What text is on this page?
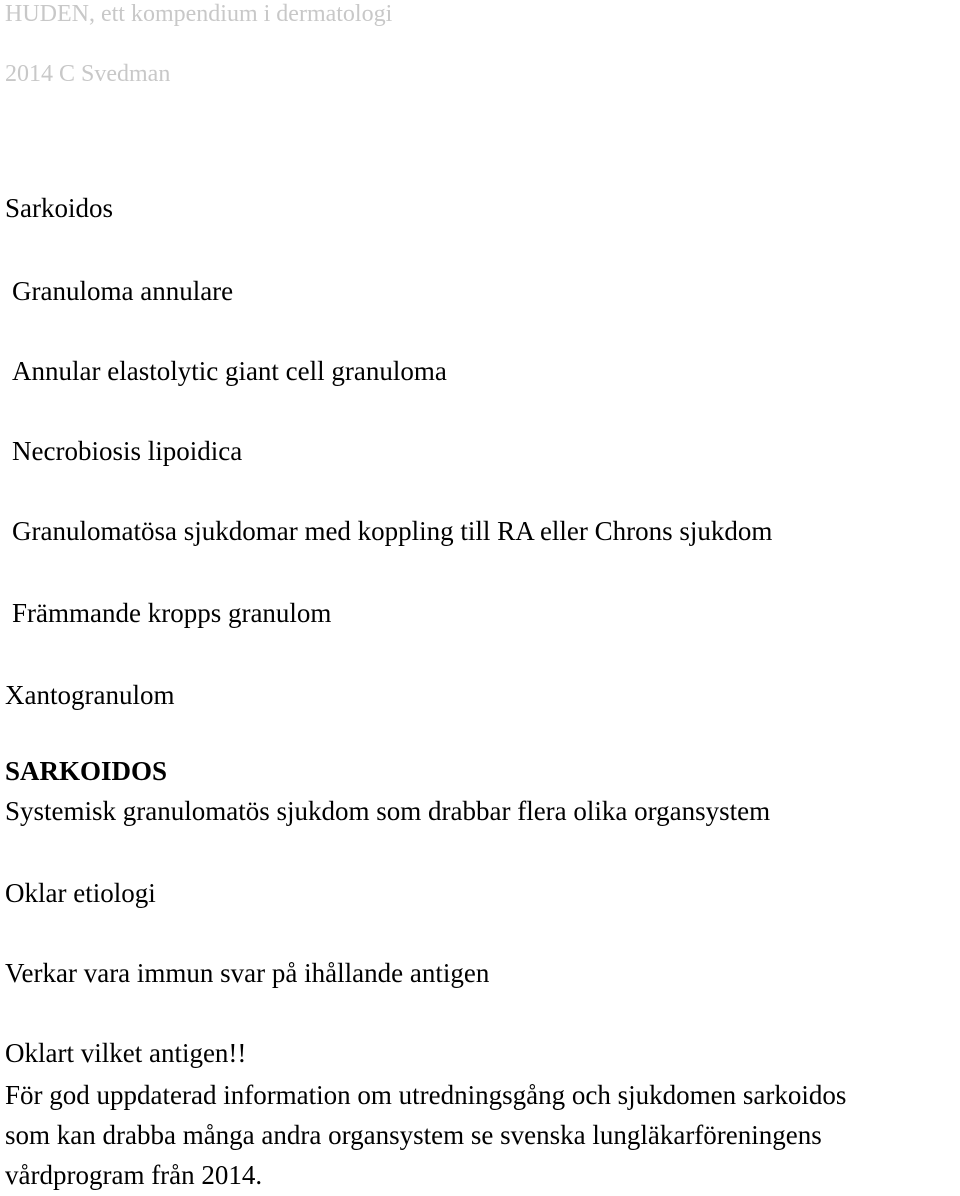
HUDEN, ett kompendium i dermatologi
2014 C Svedman
Sarkoidos
Granuloma annulare
Annular elastolytic giant cell granuloma
Necrobiosis lipoidica
Granulomatösa sjukdomar med koppling till RA eller Chrons sjukdom
Främmande kropps granulom
Xantogranulom
SARKOIDOS
Systemisk granulomatös sjukdom som drabbar flera olika organsystem
Oklar etiologi
Verkar vara immun svar på ihållande antigen
Oklart vilket antigen!!
För god uppdaterad information om utredningsgång och sjukdomen sarkoidos
som kan drabba många andra organsystem se svenska lungläkarföreningens
vårdprogram från 2014.
